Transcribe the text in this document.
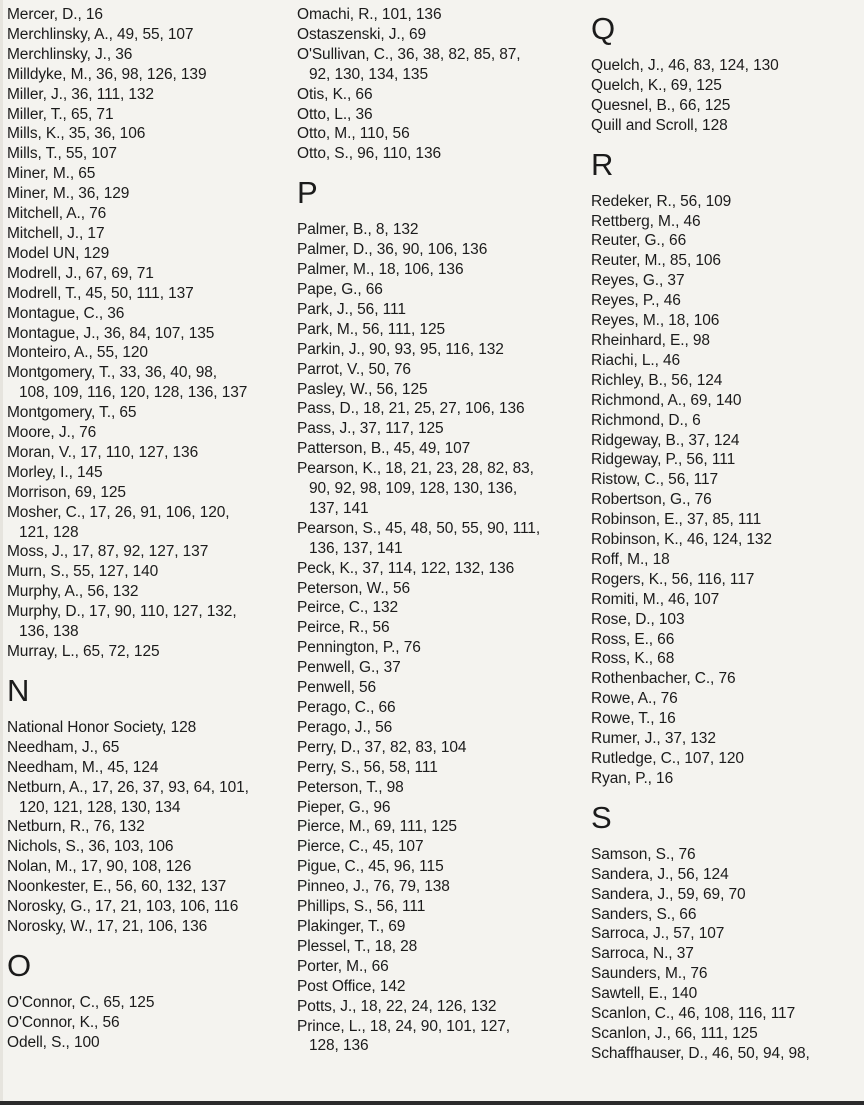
Mercer, D., 16
Merchlinsky, A., 49, 55, 107
Merchlinsky, J., 36
Milldyke, M., 36, 98, 126, 139
Miller, J., 36, 111, 132
Miller, T., 65, 71
Mills, K., 35, 36, 106
Mills, T., 55, 107
Miner, M., 65
Miner, M., 36, 129
Mitchell, A., 76
Mitchell, J., 17
Model UN, 129
Modrell, J., 67, 69, 71
Modrell, T., 45, 50, 111, 137
Montague, C., 36
Montague, J., 36, 84, 107, 135
Monteiro, A., 55, 120
Montgomery, T., 33, 36, 40, 98,
108, 109, 116, 120, 128, 136, 137
Montgomery, T., 65
Moore, J., 76
Moran, V., 17, 110, 127, 136
Morley, I., 145
Morrison, 69, 125
Mosher, C., 17, 26, 91, 106, 120,
121, 128
Moss, J., 17, 87, 92, 127, 137
Murn, S., 55, 127, 140
Murphy, A., 56, 132
Murphy, D., 17, 90, 110, 127, 132,
136, 138
Murray, L., 65, 72, 125
N
National Honor Society, 128
Needham, J., 65
Needham, M., 45, 124
Netburn, A., 17, 26, 37, 93, 64, 101,
120, 121, 128, 130, 134
Netburn, R., 76, 132
Nichols, S., 36, 103, 106
Nolan, M., 17, 90, 108, 126
Noonkester, E., 56, 60, 132, 137
Norosky, G., 17, 21, 103, 106, 116
Norosky, W., 17, 21, 106, 136
O
O'Connor, C., 65, 125
O'Connor, K., 56
Odell, S., 100
Omachi, R., 101, 136
Ostaszenski, J., 69
O'Sullivan, C., 36, 38, 82, 85, 87,
92, 130, 134, 135
Otis, K., 66
Otto, L., 36
Otto, M., 110, 56
Otto, S., 96, 110, 136
P
Palmer, B., 8, 132
Palmer, D., 36, 90, 106, 136
Palmer, M., 18, 106, 136
Pape, G., 66
Park, J., 56, 111
Park, M., 56, 111, 125
Parkin, J., 90, 93, 95, 116, 132
Parrot, V., 50, 76
Pasley, W., 56, 125
Pass, D., 18, 21, 25, 27, 106, 136
Pass, J., 37, 117, 125
Patterson, B., 45, 49, 107
Pearson, K., 18, 21, 23, 28, 82, 83,
90, 92, 98, 109, 128, 130, 136,
137, 141
Pearson, S., 45, 48, 50, 55, 90, 111,
136, 137, 141
Peck, K., 37, 114, 122, 132, 136
Peterson, W., 56
Peirce, C., 132
Peirce, R., 56
Pennington, P., 76
Penwell, G., 37
Penwell, 56
Perago, C., 66
Perago, J., 56
Perry, D., 37, 82, 83, 104
Perry, S., 56, 58, 111
Peterson, T., 98
Pieper, G., 96
Pierce, M., 69, 111, 125
Pierce, C., 45, 107
Pigue, C., 45, 96, 115
Pinneo, J., 76, 79, 138
Phillips, S., 56, 111
Plakinger, T., 69
Plessel, T., 18, 28
Porter, M., 66
Post Office, 142
Potts, J., 18, 22, 24, 126, 132
Prince, L., 18, 24, 90, 101, 127,
128, 136
Q
Quelch, J., 46, 83, 124, 130
Quelch, K., 69, 125
Quesnel, B., 66, 125
Quill and Scroll, 128
R
Redeker, R., 56, 109
Rettberg, M., 46
Reuter, G., 66
Reuter, M., 85, 106
Reyes, G., 37
Reyes, P., 46
Reyes, M., 18, 106
Rheinhard, E., 98
Riachi, L., 46
Richley, B., 56, 124
Richmond, A., 69, 140
Richmond, D., 6
Ridgeway, B., 37, 124
Ridgeway, P., 56, 111
Ristow, C., 56, 117
Robertson, G., 76
Robinson, E., 37, 85, 111
Robinson, K., 46, 124, 132
Roff, M., 18
Rogers, K., 56, 116, 117
Romiti, M., 46, 107
Rose, D., 103
Ross, E., 66
Ross, K., 68
Rothenbacher, C., 76
Rowe, A., 76
Rowe, T., 16
Rumer, J., 37, 132
Rutledge, C., 107, 120
Ryan, P., 16
S
Samson, S., 76
Sandera, J., 56, 124
Sandera, J., 59, 69, 70
Sanders, S., 66
Sarroca, J., 57, 107
Sarroca, N., 37
Saunders, M., 76
Sawtell, E., 140
Scanlon, C., 46, 108, 116, 117
Scanlon, J., 66, 111, 125
Schaffhauser, D., 46, 50, 94, 98,
